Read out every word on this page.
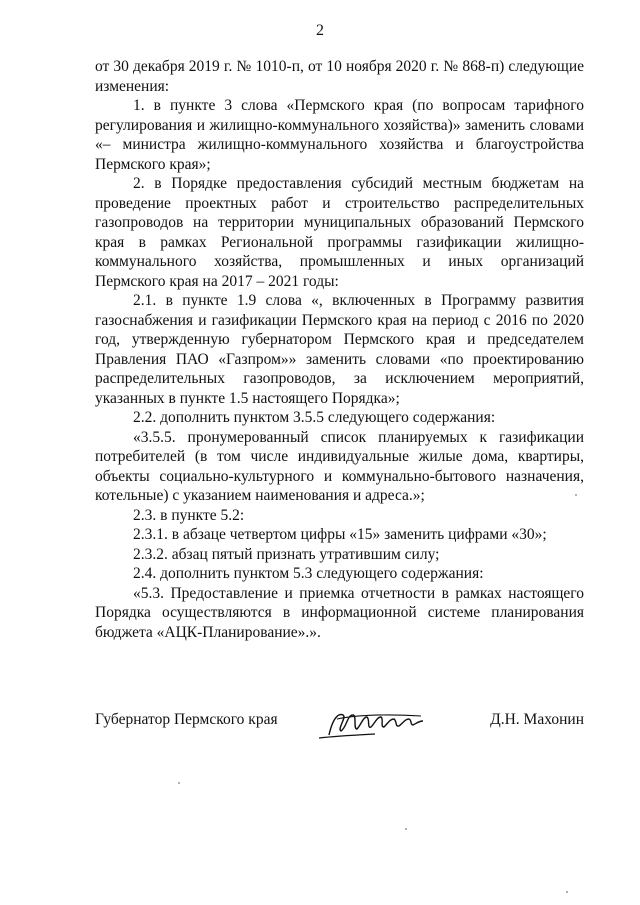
2

от 30 декабря 2019 г. № 1010-п, от 10 ноября 2020 г. № 868-п) следующие изменения:

1. в пункте 3 слова «Пермского края (по вопросам тарифного регулирования и жилищно-коммунального хозяйства)» заменить словами «– министра жилищно-коммунального хозяйства и благоустройства Пермского края»;

2. в Порядке предоставления субсидий местным бюджетам на проведение проектных работ и строительство распределительных газопроводов на территории муниципальных образований Пермского края в рамках Региональной программы газификации жилищно-коммунального хозяйства, промышленных и иных организаций Пермского края на 2017 – 2021 годы:

2.1. в пункте 1.9 слова «, включенных в Программу развития газоснабжения и газификации Пермского края на период с 2016 по 2020 год, утвержденную губернатором Пермского края и председателем Правления ПАО «Газпром»» заменить словами «по проектированию распределительных газопроводов, за исключением мероприятий, указанных в пункте 1.5 настоящего Порядка»;

2.2. дополнить пунктом 3.5.5 следующего содержания:

«3.5.5. пронумерованный список планируемых к газификации потребителей (в том числе индивидуальные жилые дома, квартиры, объекты социально-культурного и коммунально-бытового назначения, котельные) с указанием наименования и адреса.»;

2.3. в пункте 5.2:

2.3.1. в абзаце четвертом цифры «15» заменить цифрами «30»;

2.3.2. абзац пятый признать утратившим силу;

2.4. дополнить пунктом 5.3 следующего содержания:

«5.3. Предоставление и приемка отчетности в рамках настоящего Порядка осуществляются в информационной системе планирования бюджета «АЦК-Планирование».».

Губернатор Пермского края	Д.Н. Махонин
